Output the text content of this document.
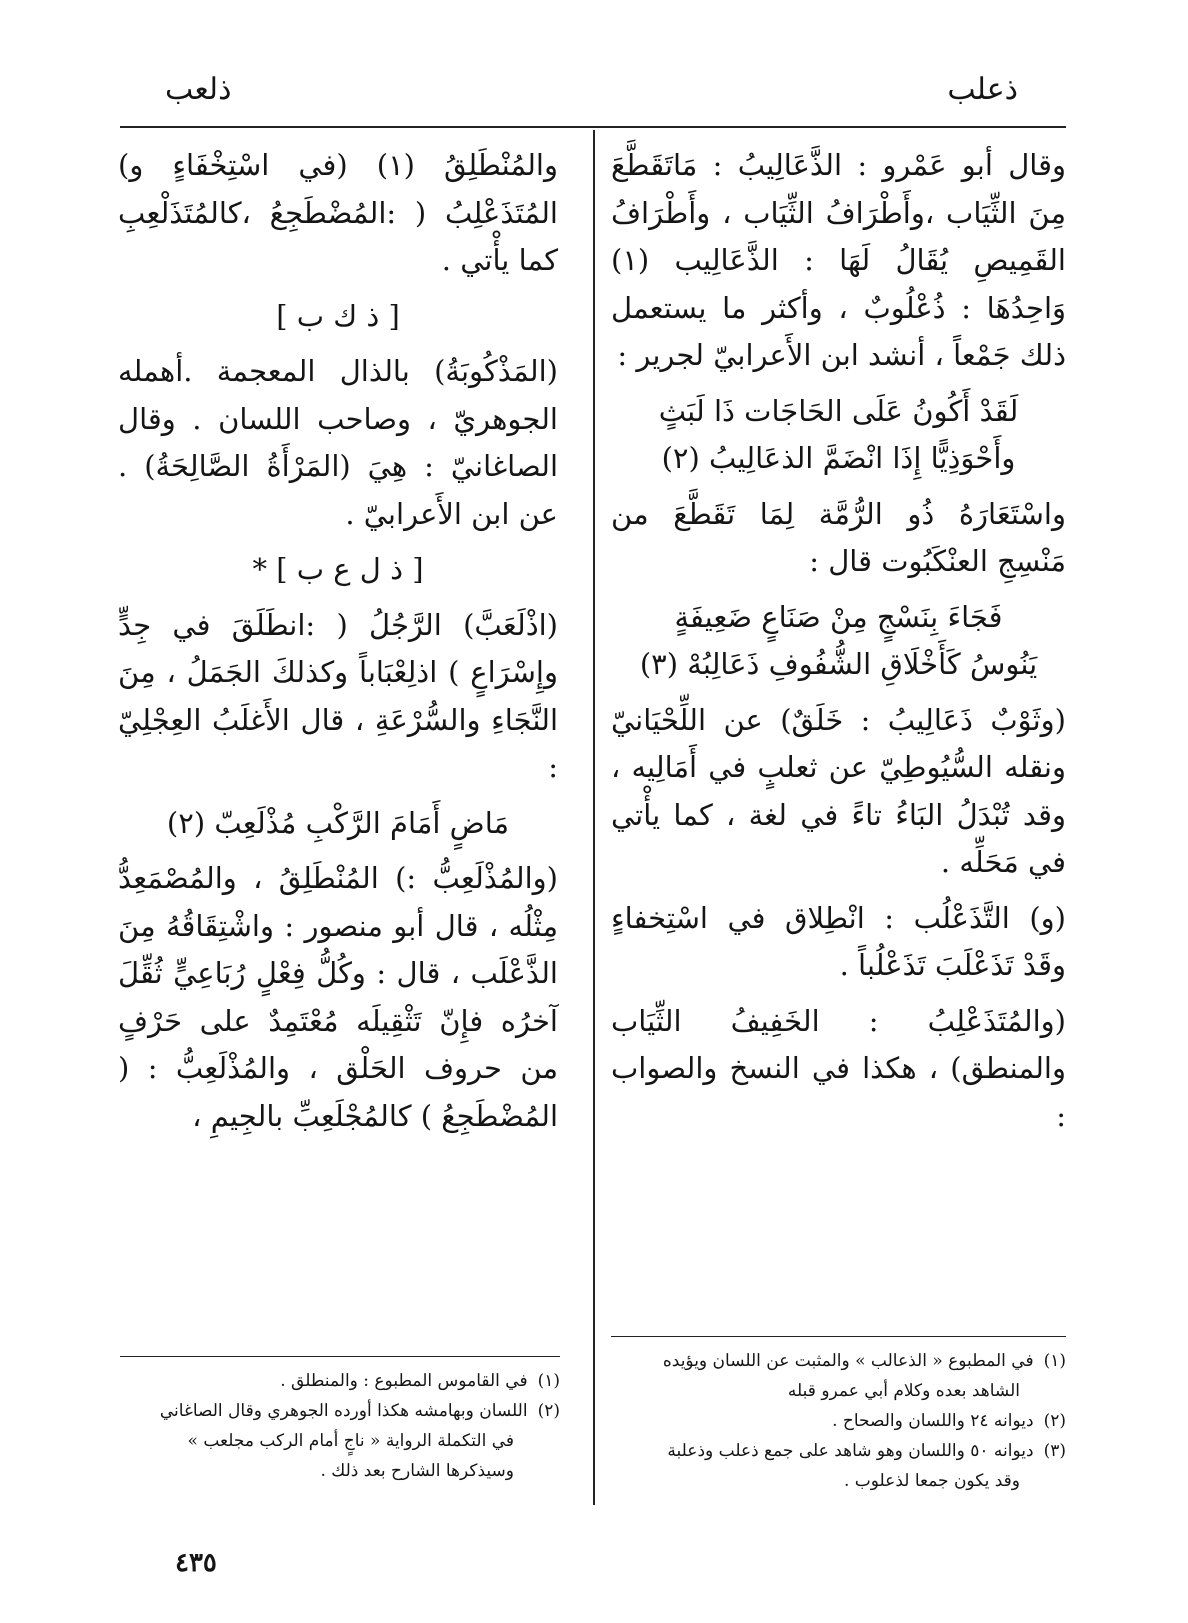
ذعلب
ذلعب

وقال أبو عَمْرو : الذَّعَالِيبُ : مَاتَقَطَّعَ مِنَ الثِّيَاب ،وأَطْرَافُ الثِّيَاب ، وأَطْرَافُ القَمِيصِ يُقَالُ لَهَا : الذَّعَالِيب (١) وَاحِدُهَا : ذُعْلُوبٌ ، وأكثر ما يستعمل ذلك جَمْعاً ، أنشد ابن الأَعرابيّ لجرير :

لَقَدْ أَكُونُ عَلَى الحَاجَات ذَا لَبَثٍ
وأَحْوَذِيًّا إِذَا انْضَمَّ الذعَالِيبُ (٢)

واسْتَعَارَهُ ذُو الرُّمَّة لِمَا تَقَطَّعَ من مَنْسِجِ العنْكَبُوت قال :

فَجَاءَ بِنَسْجٍ مِنْ صَنَاعٍ ضَعِيفَةٍ
يَنُوسُ كَأَخْلَاقِ الشُّفُوفِ ذَعَالِبُهْ (٣)

(وثَوْبٌ ذَعَالِيبُ : خَلَقٌ) عن اللِّحْيَانيّ ونقله السُّيُوطِيّ عن ثعلبٍ في أَمَالِيه ، وقد تُبْدَلُ البَاءُ تاءً في لغة ، كما يأْتي في مَحَلِّه .

(و) التَّذَعْلُب : انْطِلاق في اسْتِخفاءٍ وقَدْ تَذَعْلَبَ تَذَعْلُباً .

(والمُتَذَعْلِبُ : الخَفِيفُ الثِّيَاب والمنطق) ، هكذا في النسخ والصواب :

والمُنْطَلِقُ (١) (في اسْتِخْفَاءٍ و) المُتَذَعْلِبُ ( :المُضْطَجِعُ ،كالمُتَذَلْعِبِ كما يأْتي .

[ ذ ك ب ]

(المَذْكُوبَةُ) بالذال المعجمة .أهمله الجوهريّ ، وصاحب اللسان . وقال الصاغانيّ : هِيَ (المَرْأَةُ الصَّالِحَةُ) . عن ابن الأَعرابيّ .

[ ذ ل ع ب ] *

(اذْلَعَبَّ) الرَّجُلُ ( :انطَلَقَ في جِدٍّ وإِسْرَاعٍ ) اذلِعْبَاباً وكذلكَ الجَمَلُ ، مِنَ النَّجَاءِ والسُّرْعَةِ ، قال الأَغلَبُ العِجْلِيّ :

مَاضٍ أَمَامَ الرَّكْبِ مُذْلَعِبّ (٢)

(والمُذْلَعِبُّ :) المُنْطَلِقُ ، والمُصْمَعِدُّ مِثْلُه ، قال أبو منصور : واشْتِقَاقُهُ مِنَ الذَّعْلَب ، قال : وكُلُّ فِعْلٍ رُبَاعِيٍّ ثُقِّلَ آخرُه فإِنّ تَثْقِيلَه مُعْتَمِدٌ على حَرْفٍ من حروف الحَلْق ، والمُذْلَعِبُّ : ( المُضْطَجِعُ ) كالمُجْلَعِبِّ بالجِيمِ ،

(١)في المطبوع « الذعالب » والمثبت عن اللسان ويؤيده
الشاهد بعده وكلام أبي عمرو قبله
(٢)ديوانه ٢٤ واللسان والصحاح .
(٣)ديوانه ٥٠ واللسان وهو شاهد على جمع ذعلب وذعلبة
وقد يكون جمعا لذعلوب .
(١)في القاموس المطبوع : والمنطلق .
(٢)اللسان وبهامشه هكذا أورده الجوهري وقال الصاغاني
في التكملة الرواية « ناجٍ أمام الركب مجلعب »
وسيذكرها الشارح بعد ذلك .
٤٣٥
